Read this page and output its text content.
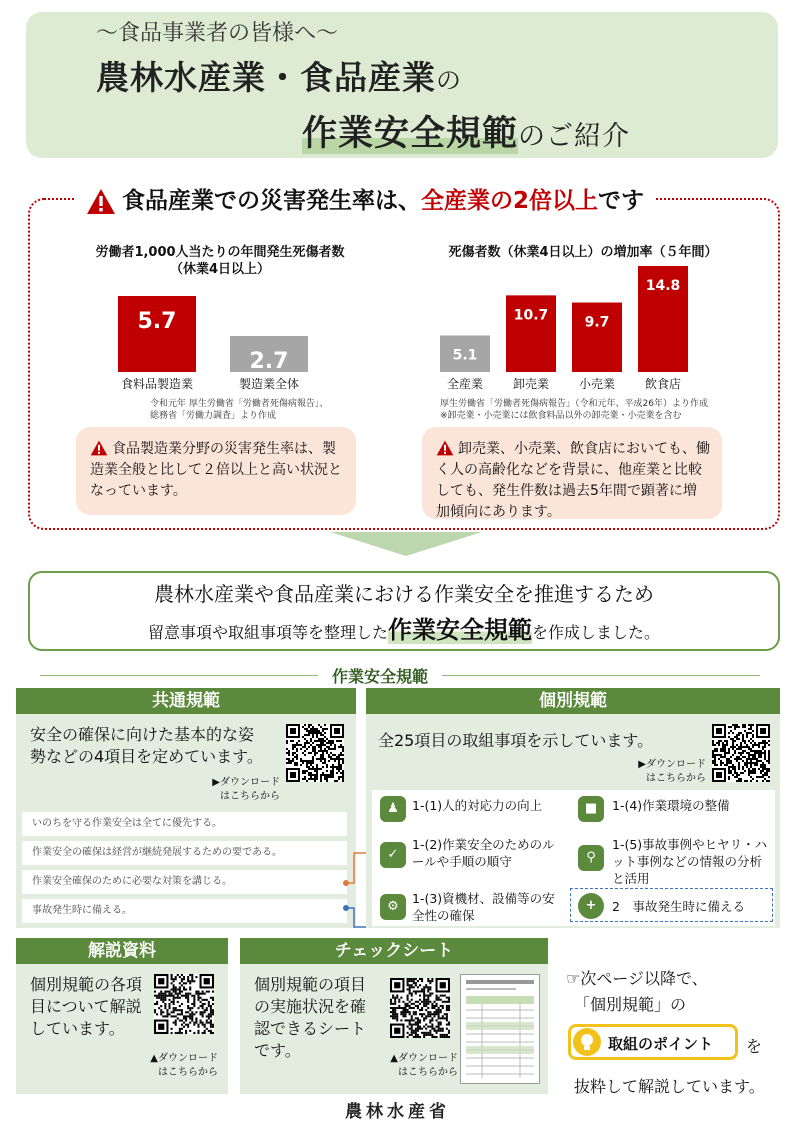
～食品事業者の皆様へ～
農林水産業・食品産業の
作業安全規範のご紹介
食品産業での災害発生率は、全産業の2倍以上です
労働者1,000人当たりの年間発生死傷者数
（休業4日以上）
5.7
食料品製造業
2.7
製造業全体
令和元年 厚生労働省「労働者死傷病報告」、
総務省「労働力調査」より作成
死傷者数（休業4日以上）の増加率（５年間）
5.1
全産業
10.7
卸売業
9.7
小売業
14.8
飲食店
厚生労働省「労働者死傷病報告」（令和元年、平成26年）より作成
※卸売業・小売業には飲食料品以外の卸売業・小売業を含む
食品製造業分野の災害発生率は、製造業全般と比して２倍以上と高い状況となっています。
卸売業、小売業、飲食店においても、働く人の高齢化などを背景に、他産業と比較しても、発生件数は過去5年間で顕著に増加傾向にあります。
農林水産業や食品産業における作業安全を推進するため
留意事項や取組事項等を整理した作業安全規範を作成しました。
作業安全規範
共通規範
安全の確保に向けた基本的な姿勢などの4項目を定めています。
▶ダウンロード
はこちらから
いのちを守る作業安全は全てに優先する。
作業安全の確保は経営が継続発展するための要である。
作業安全確保のために必要な対策を講じる。
事故発生時に備える。
個別規範
全25項目の取組事項を示しています。
▶ダウンロード
はこちらから
♟	1-(1)人的対応力の向上	■	1-(4)作業環境の整備
✓
1-(2)作業安全のためのルールや手順の順守	⚲
1-(5)事故事例やヒヤリ・ハット事例などの情報の分析と活用
⚙
1-(3)資機材、設備等の安全性の確保
+	2　事故発生時に備える
解説資料
個別規範の各項目について解説しています。
▲ダウンロード
はこちらから
チェックシート
個別規範の項目の実施状況を確認できるシートです。	▲ダウンロード
はこちらから
☞次ページ以降で、
「個別規範」の
取組のポイント を
抜粋して解説しています。
農林水産省
